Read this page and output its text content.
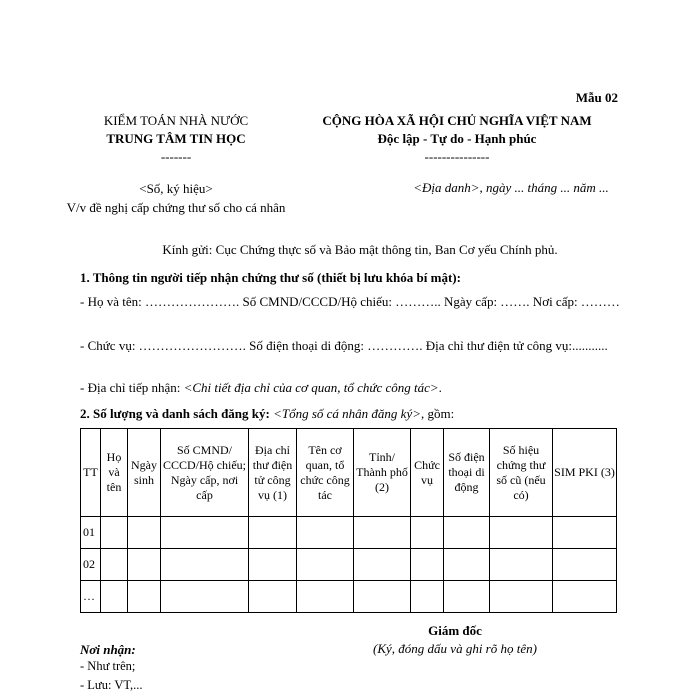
Mẫu 02
KIỂM TOÁN NHÀ NƯỚC
TRUNG TÂM TIN HỌC
-------
CỘNG HÒA XÃ HỘI CHỦ NGHĨA VIỆT NAM
Độc lập - Tự do - Hạnh phúc
---------------
<Số, ký hiệu>
V/v đề nghị cấp chứng thư số cho cá nhân
<Địa danh>, ngày ... tháng ... năm ...
Kính gửi: Cục Chứng thực số và Bảo mật thông tin, Ban Cơ yếu Chính phủ.
1. Thông tin người tiếp nhận chứng thư số (thiết bị lưu khóa bí mật):
- Họ và tên: …………………. Số CMND/CCCD/Hộ chiếu: ……….. Ngày cấp: ……. Nơi cấp: ………
- Chức vụ: ……………………. Số điện thoại di động: …………. Địa chỉ thư điện tử công vụ:...........
- Địa chỉ tiếp nhận: <Chi tiết địa chỉ của cơ quan, tổ chức công tác>.
2. Số lượng và danh sách đăng ký: <Tổng số cá nhân đăng ký>, gồm:
TT	Họ và tên	Ngày sinh	Số CMND/ CCCD/Hộ chiếu; Ngày cấp, nơi cấp	Địa chỉ thư điện tử công vụ (1)	Tên cơ quan, tổ chức công tác	Tỉnh/ Thành phố (2)	Chức vụ	Số điện thoại di động	Số hiệu chứng thư số cũ (nếu có)	SIM PKI (3)
01										
02										
…										
Giám đốc
(Ký, đóng dấu và ghi rõ họ tên)
Nơi nhận:
- Như trên;
- Lưu: VT,...
